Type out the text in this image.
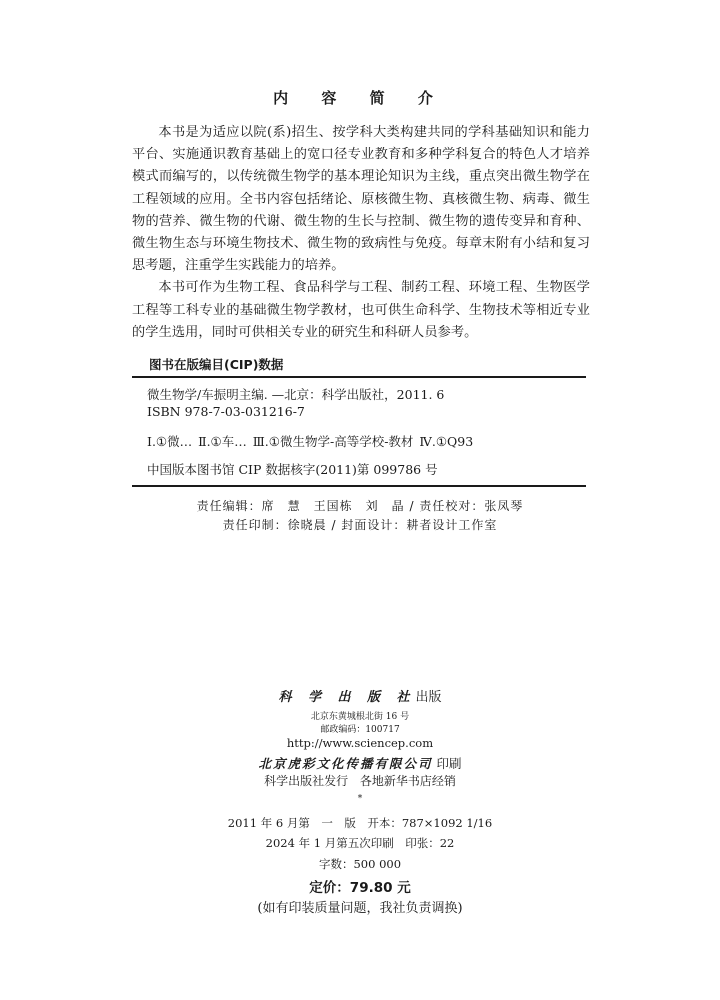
内 容 简 介

本书是为适应以院(系)招生、按学科大类构建共同的学科基础知识和能力平台、实施通识教育基础上的宽口径专业教育和多种学科复合的特色人才培养模式而编写的，以传统微生物学的基本理论知识为主线，重点突出微生物学在工程领域的应用。全书内容包括绪论、原核微生物、真核微生物、病毒、微生物的营养、微生物的代谢、微生物的生长与控制、微生物的遗传变异和育种、微生物生态与环境生物技术、微生物的致病性与免疫。每章末附有小结和复习思考题，注重学生实践能力的培养。

本书可作为生物工程、食品科学与工程、制药工程、环境工程、生物医学工程等工科专业的基础微生物学教材，也可供生命科学、生物技术等相近专业的学生选用，同时可供相关专业的研究生和科研人员参考。

图书在版编目(CIP)数据
微生物学/车振明主编. —北京：科学出版社，2011. 6
ISBN 978-7-03-031216-7
Ⅰ.①微… Ⅱ.①车… Ⅲ.①微生物学-高等学校-教材 Ⅳ.①Q93
中国版本图书馆 CIP 数据核字(2011)第 099786 号
责任编辑：席　慧　王国栋　刘　晶 / 责任校对：张凤琴
责任印制：徐晓晨 / 封面设计：耕者设计工作室
科 学 出 版 社出版
北京东黄城根北街 16 号
邮政编码：100717
http://www.sciencep.com
北京虎彩文化传播有限公司 印刷
科学出版社发行 各地新华书店经销
*
2011 年 6 月第　一　版　开本：787×1092 1/16
2024 年 1 月第五次印刷　印张：22
字数：500 000
定价：79.80 元
(如有印装质量问题，我社负责调换)
